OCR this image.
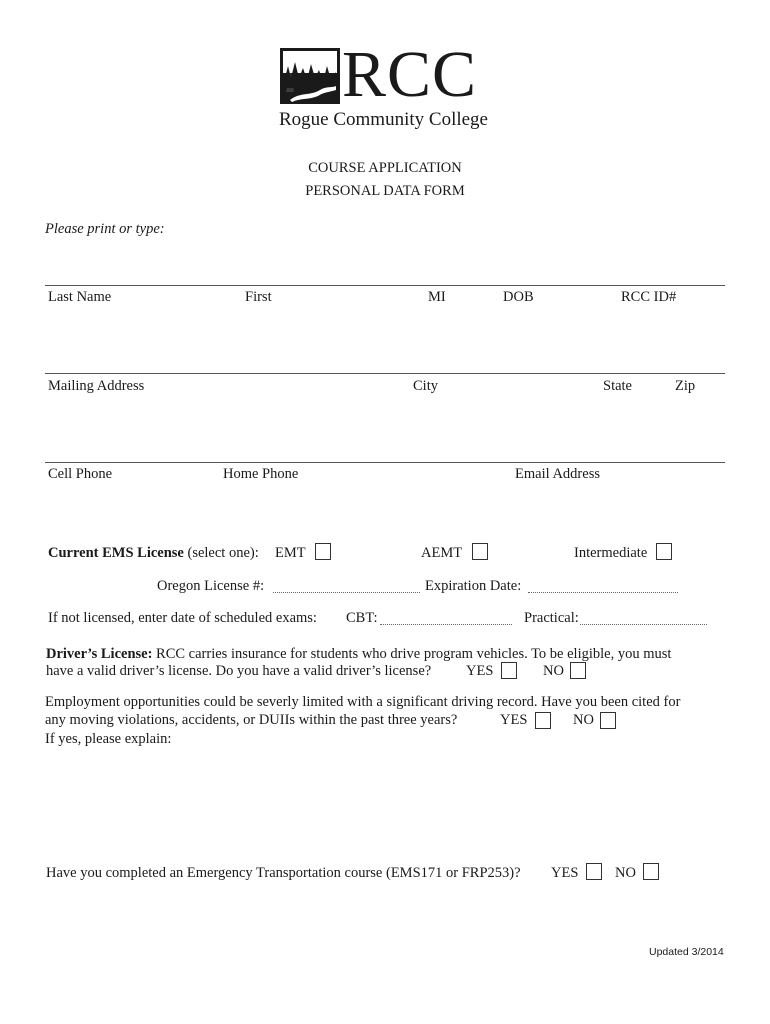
RCC
Rogue Community College
COURSE APPLICATION
PERSONAL DATA FORM
Please print or type:
Last Name	First	MI	DOB	RCC ID#
Mailing Address	City	State	Zip
Cell Phone	Home Phone	Email Address
Current EMS License (select one): EMT	AEMT	Intermediate
Oregon License #:	Expiration Date:
If not licensed, enter date of scheduled exams: CBT:	Practical:
Driver’s License: RCC carries insurance for students who drive program vehicles. To be eligible, you must
have a valid driver’s license. Do you have a valid driver’s license? YES	NO
Employment opportunities could be severly limited with a significant driving record. Have you been cited for
any moving violations, accidents, or DUIIs within the past three years?	YES	NO
If yes, please explain:
Have you completed an Emergency Transportation course (EMS171 or FRP253)? YES	NO
Updated 3/2014
